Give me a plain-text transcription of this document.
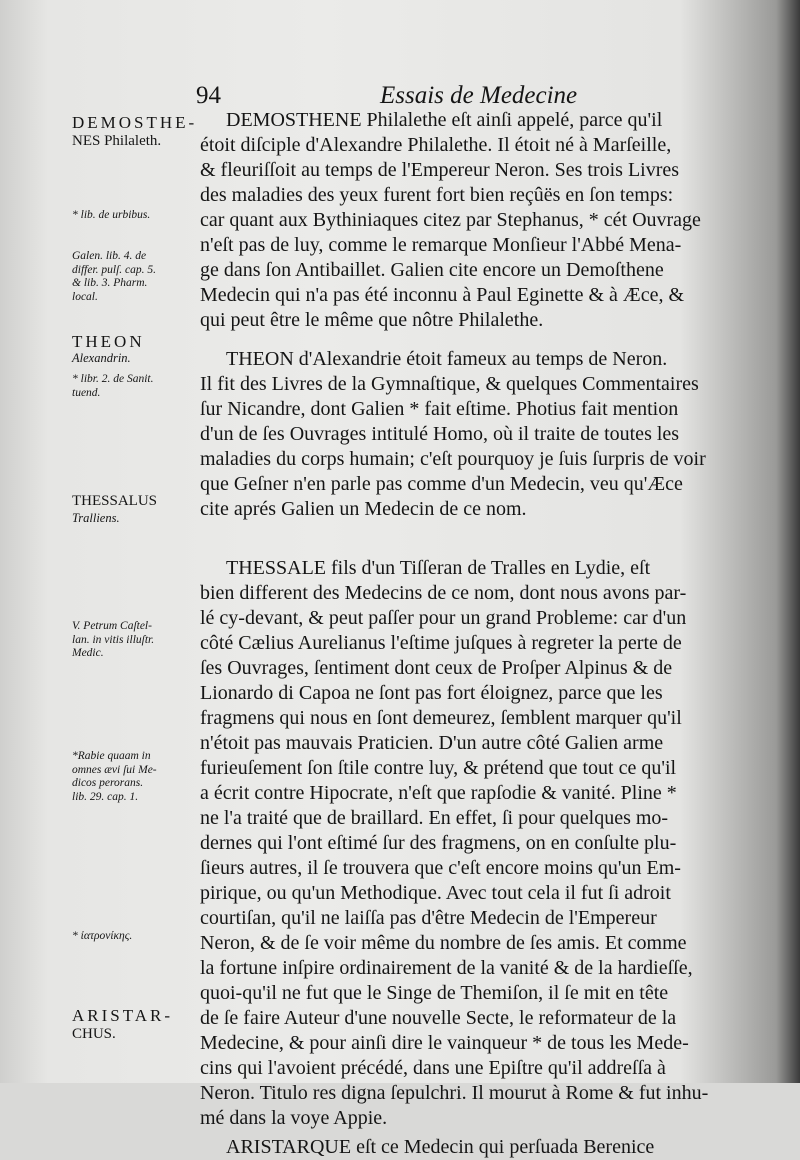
94	Essais de Medecine
DEMOSTHE-
NES Philaleth.
* lib. de urbibus.
Galen. lib. 4. de
differ. pulſ. cap. 5.
& lib. 3. Pharm.
local.
THEON
Alexandrin.
* libr. 2. de Sanit.
tuend.
THESSALUS
Tralliens.
V. Petrum Caſtel-
lan. in vitis illuſtr.
Medic.
*Rabie quaam in
omnes ævi ſui Me-
dicos perorans.
lib. 29. cap. 1.
* ἰατρονίκης.
ARISTAR-
CHUS.

DEMOSTHENE Philalethe eſt ainſi appelé, parce qu'il
étoit diſciple d'Alexandre Philalethe. Il étoit né à Marſeille,
& fleuriſſoit au temps de l'Empereur Neron. Ses trois Livres
des maladies des yeux furent fort bien reçûës en ſon temps:
car quant aux Bythiniaques citez par Stephanus, * cét Ouvrage
n'eſt pas de luy, comme le remarque Monſieur l'Abbé Mena-
ge dans ſon Antibaillet. Galien cite encore un Demoſthene
Medecin qui n'a pas été inconnu à Paul Eginette & à Æce, &
qui peut être le même que nôtre Philalethe.

THEON d'Alexandrie étoit fameux au temps de Neron.
Il fit des Livres de la Gymnaſtique, & quelques Commentaires
ſur Nicandre, dont Galien * fait eſtime. Photius fait mention
d'un de ſes Ouvrages intitulé Homo, où il traite de toutes les
maladies du corps humain; c'eſt pourquoy je ſuis ſurpris de voir
que Geſner n'en parle pas comme d'un Medecin, veu qu'Æce
cite aprés Galien un Medecin de ce nom.

THESSALE fils d'un Tiſſeran de Tralles en Lydie, eſt
bien different des Medecins de ce nom, dont nous avons par-
lé cy-devant, & peut paſſer pour un grand Probleme: car d'un
côté Cælius Aurelianus l'eſtime juſques à regreter la perte de
ſes Ouvrages, ſentiment dont ceux de Proſper Alpinus & de
Lionardo di Capoa ne ſont pas fort éloignez, parce que les
fragmens qui nous en ſont demeurez, ſemblent marquer qu'il
n'étoit pas mauvais Praticien. D'un autre côté Galien arme
furieuſement ſon ſtile contre luy, & prétend que tout ce qu'il
a écrit contre Hipocrate, n'eſt que rapſodie & vanité. Pline *
ne l'a traité que de braillard. En effet, ſi pour quelques mo-
dernes qui l'ont eſtimé ſur des fragmens, on en conſulte plu-
ſieurs autres, il ſe trouvera que c'eſt encore moins qu'un Em-
pirique, ou qu'un Methodique. Avec tout cela il fut ſi adroit
courtiſan, qu'il ne laiſſa pas d'être Medecin de l'Empereur
Neron, & de ſe voir même du nombre de ſes amis. Et comme
la fortune inſpire ordinairement de la vanité & de la hardieſſe,
quoi-qu'il ne fut que le Singe de Themiſon, il ſe mit en tête
de ſe faire Auteur d'une nouvelle Secte, le reformateur de la
Medecine, & pour ainſi dire le vainqueur * de tous les Mede-
cins qui l'avoient précédé, dans une Epiſtre qu'il addreſſa à
Neron. Titulo res digna ſepulchri. Il mourut à Rome & fut inhu-
mé dans la voye Appie.

ARISTARQUE eſt ce Medecin qui perſuada Berenice
